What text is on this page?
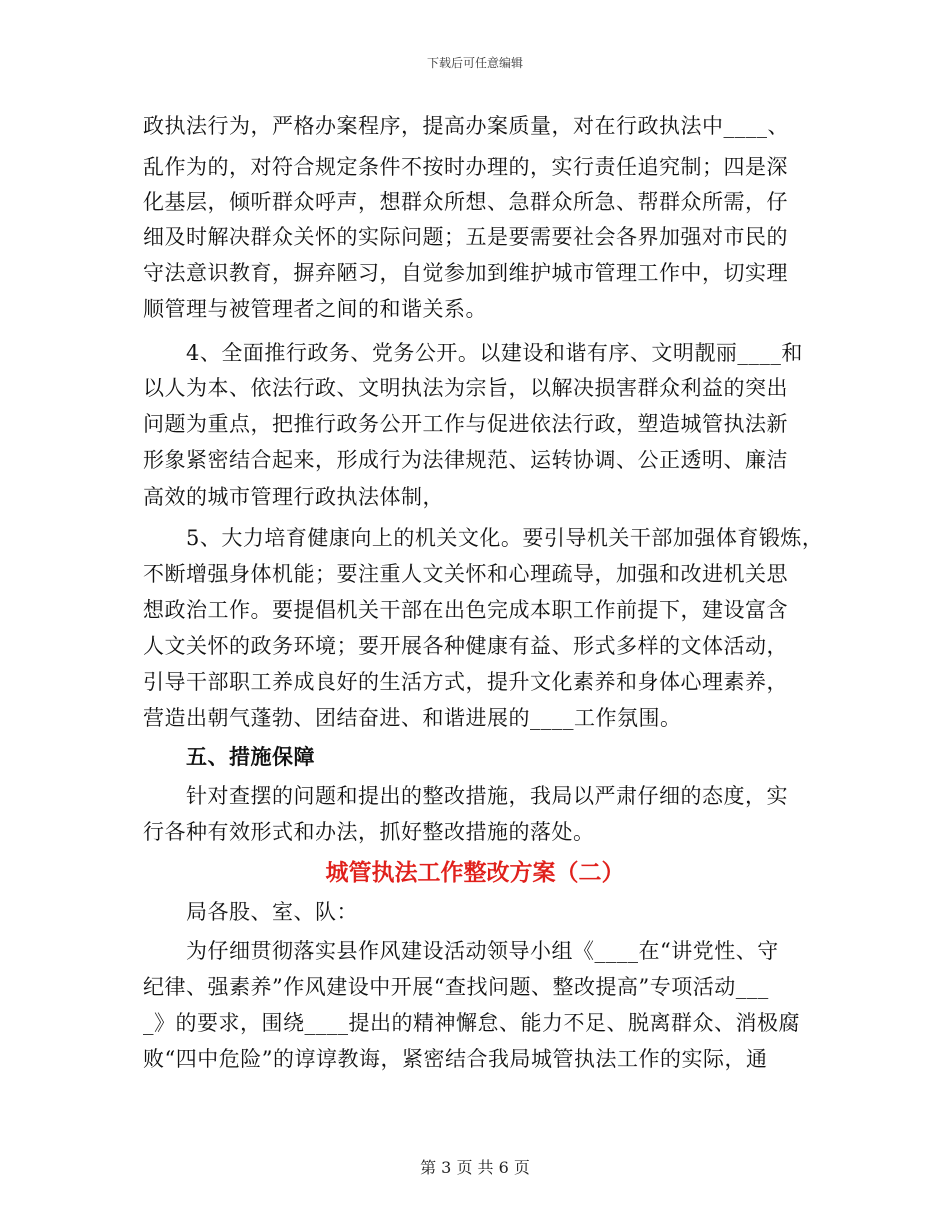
下载后可任意编辑
政执法行为，严格办案程序，提高办案质量，对在行政执法中____、
乱作为的，对符合规定条件不按时办理的，实行责任追究制；四是深
化基层，倾听群众呼声，想群众所想、急群众所急、帮群众所需，仔
细及时解决群众关怀的实际问题；五是要需要社会各界加强对市民的
守法意识教育，摒弃陋习，自觉参加到维护城市管理工作中，切实理
顺管理与被管理者之间的和谐关系。
4、全面推行政务、党务公开。以建设和谐有序、文明靓丽____和
以人为本、依法行政、文明执法为宗旨，以解决损害群众利益的突出
问题为重点，把推行政务公开工作与促进依法行政，塑造城管执法新
形象紧密结合起来，形成行为法律规范、运转协调、公正透明、廉洁
高效的城市管理行政执法体制，
5、大力培育健康向上的机关文化。要引导机关干部加强体育锻炼，
不断增强身体机能；要注重人文关怀和心理疏导，加强和改进机关思
想政治工作。要提倡机关干部在出色完成本职工作前提下，建设富含
人文关怀的政务环境；要开展各种健康有益、形式多样的文体活动，
引导干部职工养成良好的生活方式，提升文化素养和身体心理素养，
营造出朝气蓬勃、团结奋进、和谐进展的____工作氛围。
五、措施保障
针对查摆的问题和提出的整改措施，我局以严肃仔细的态度，实
行各种有效形式和办法，抓好整改措施的落处。
城管执法工作整改方案（二）
局各股、室、队：
为仔细贯彻落实县作风建设活动领导小组《____在“讲党性、守
纪律、强素养”作风建设中开展“查找问题、整改提高”专项活动___
_》的要求，围绕____提出的精神懈怠、能力不足、脱离群众、消极腐
败“四中危险”的谆谆教诲，紧密结合我局城管执法工作的实际，通
第 3 页 共 6 页
